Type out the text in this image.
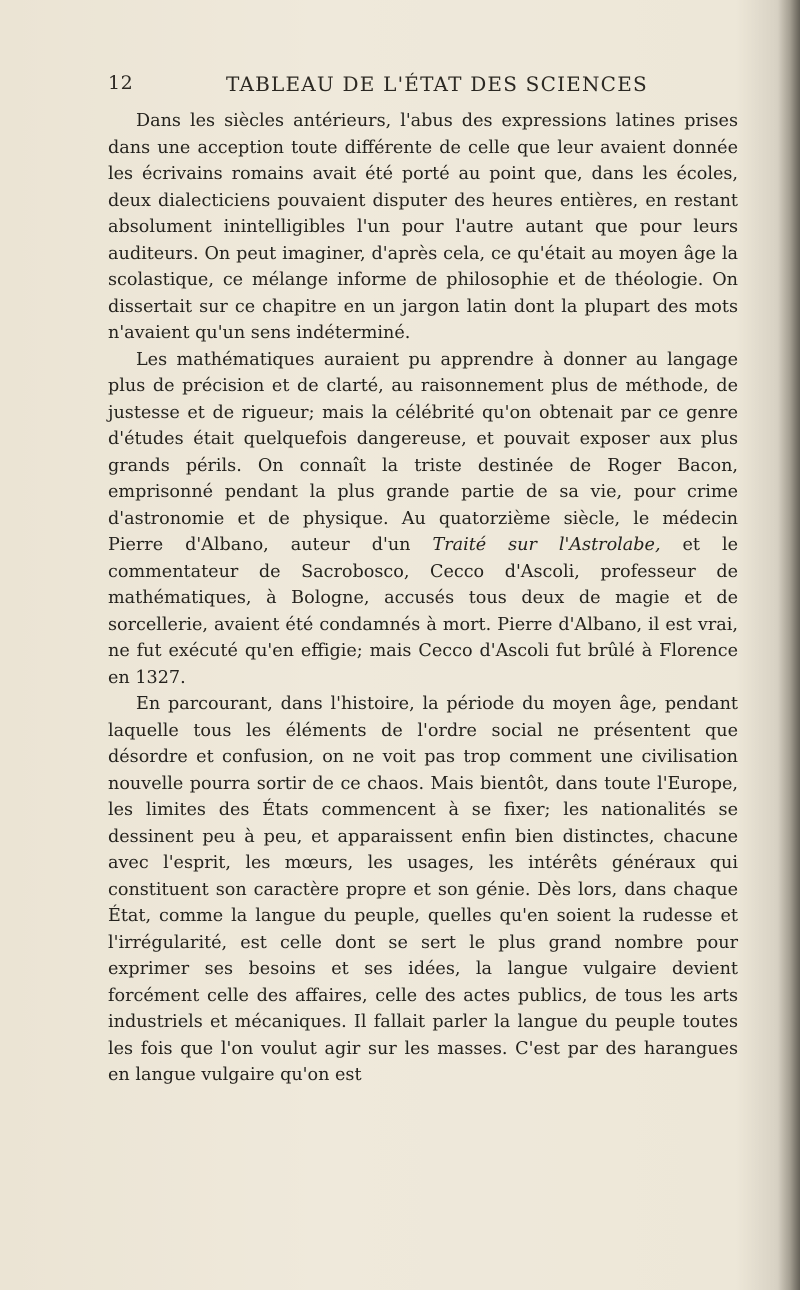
12	TABLEAU DE L'ÉTAT DES SCIENCES

Dans les siècles antérieurs, l'abus des expressions latines prises dans une acception toute différente de celle que leur avaient donnée les écrivains romains avait été porté au point que, dans les écoles, deux dialecticiens pouvaient disputer des heures entières, en restant absolument inintelligibles l'un pour l'autre autant que pour leurs auditeurs. On peut imaginer, d'après cela, ce qu'était au moyen âge la scolastique, ce mélange informe de philosophie et de théologie. On dissertait sur ce chapitre en un jargon latin dont la plupart des mots n'avaient qu'un sens indéterminé.

Les mathématiques auraient pu apprendre à donner au langage plus de précision et de clarté, au raisonnement plus de méthode, de justesse et de rigueur; mais la célébrité qu'on obtenait par ce genre d'études était quelquefois dangereuse, et pouvait exposer aux plus grands périls. On connaît la triste destinée de Roger Bacon, emprisonné pendant la plus grande partie de sa vie, pour crime d'astronomie et de physique. Au quatorzième siècle, le médecin Pierre d'Albano, auteur d'un Traité sur l'Astrolabe, et le commentateur de Sacrobosco, Cecco d'Ascoli, professeur de mathématiques, à Bologne, accusés tous deux de magie et de sorcellerie, avaient été condamnés à mort. Pierre d'Albano, il est vrai, ne fut exécuté qu'en effigie; mais Cecco d'Ascoli fut brûlé à Florence en 1327.

En parcourant, dans l'histoire, la période du moyen âge, pendant laquelle tous les éléments de l'ordre social ne présentent que désordre et confusion, on ne voit pas trop comment une civilisation nouvelle pourra sortir de ce chaos. Mais bientôt, dans toute l'Europe, les limites des États commencent à se fixer; les nationalités se dessinent peu à peu, et apparaissent enfin bien distinctes, chacune avec l'esprit, les mœurs, les usages, les intérêts généraux qui constituent son caractère propre et son génie. Dès lors, dans chaque État, comme la langue du peuple, quelles qu'en soient la rudesse et l'irrégularité, est celle dont se sert le plus grand nombre pour exprimer ses besoins et ses idées, la langue vulgaire devient forcément celle des affaires, celle des actes publics, de tous les arts industriels et mécaniques. Il fallait parler la langue du peuple toutes les fois que l'on voulut agir sur les masses. C'est par des harangues en langue vulgaire qu'on est
